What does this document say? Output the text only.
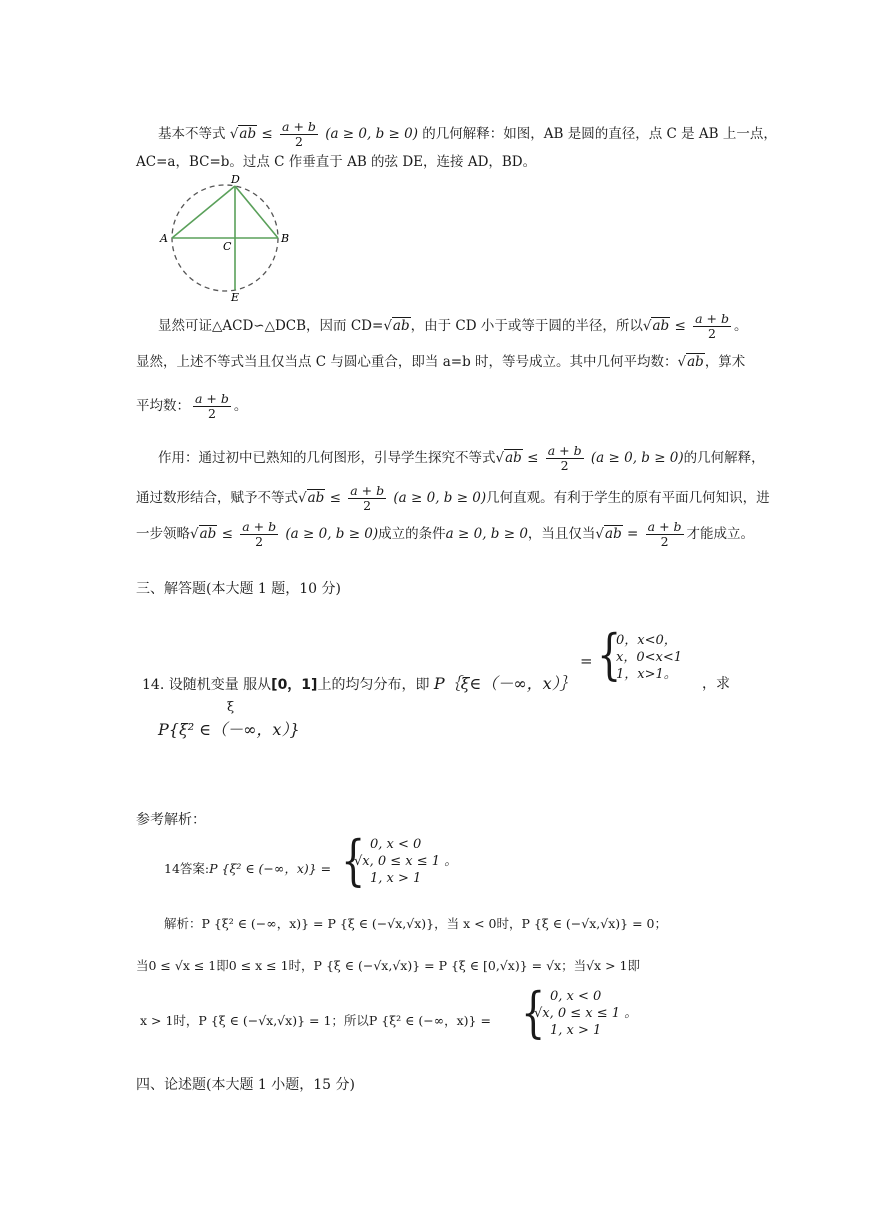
基本不等式 $√ab \le \frac{a + b}{2} (a \ge 0$, b ≥ 0) 的几何解释：如图，AB 是圆的直径，点 C 是 AB 上一点，
AC=a，BC=b。过点 C 作垂直于 AB 的弦 DE，连接 AD，BD。
D
A
C
B
E
显然可证△ACD∽△DCB，因而 CD=√ab，由于 CD 小于或等于圆的半径，所以$√ab \le \frac{a + b}{2}$ 。
显然，上述不等式当且仅当点 C 与圆心重合，即当 a=b 时，等号成立。其中几何平均数：√ab，算术
平均数： $\frac{a + b}{2}$ 。
作用：通过初中已熟知的几何图形，引导学生探究不等式$√ab \le \frac{a + b}{2} (a \ge 0$, b ≥ 0)的几何解释，
通过数形结合，赋予不等式$√ab \le \frac{a + b}{2} (a \ge 0$, b ≥ 0)几何直观。有利于学生的原有平面几何知识，进
一步领略$√ab \le \frac{a + b}{2} (a \ge 0$, b ≥ 0)成立的条件a ≥ 0, b ≥ 0，当且仅当$√ab = \frac{a + b}{2}$ 才能成立。
三、解答题(本大题 1 题，10 分)
14. 设随机变量 服从[0，1]上的均匀分布，即 P｛ξ∈（－∞，x）｝
= {
0，x<0，
x，0<x<1
1，x>1。
，求
ξ
P{ξ² ∈（－∞，x）}
参考解析：
14答案:P {ξ² ∈ (−∞，x)} = { 0, x < 0
√x, 0 ≤ x ≤ 1 。
1, x > 1
解析：P {ξ² ∈ (−∞，x)} = P {ξ ∈ (−√x,√x)}，当 x < 0时，P {ξ ∈ (−√x,√x)} = 0；
当0 ≤ √x ≤ 1即0 ≤ x ≤ 1时，P {ξ ∈ (−√x,√x)} = P {ξ ∈ [0,√x)} = √x；当√x > 1即
x > 1时，P {ξ ∈ (−√x,√x)} = 1；所以P {ξ² ∈ (−∞，x)} = { 0, x < 0
√x, 0 ≤ x ≤ 1 。
1, x > 1
四、论述题(本大题 1 小题，15 分)
